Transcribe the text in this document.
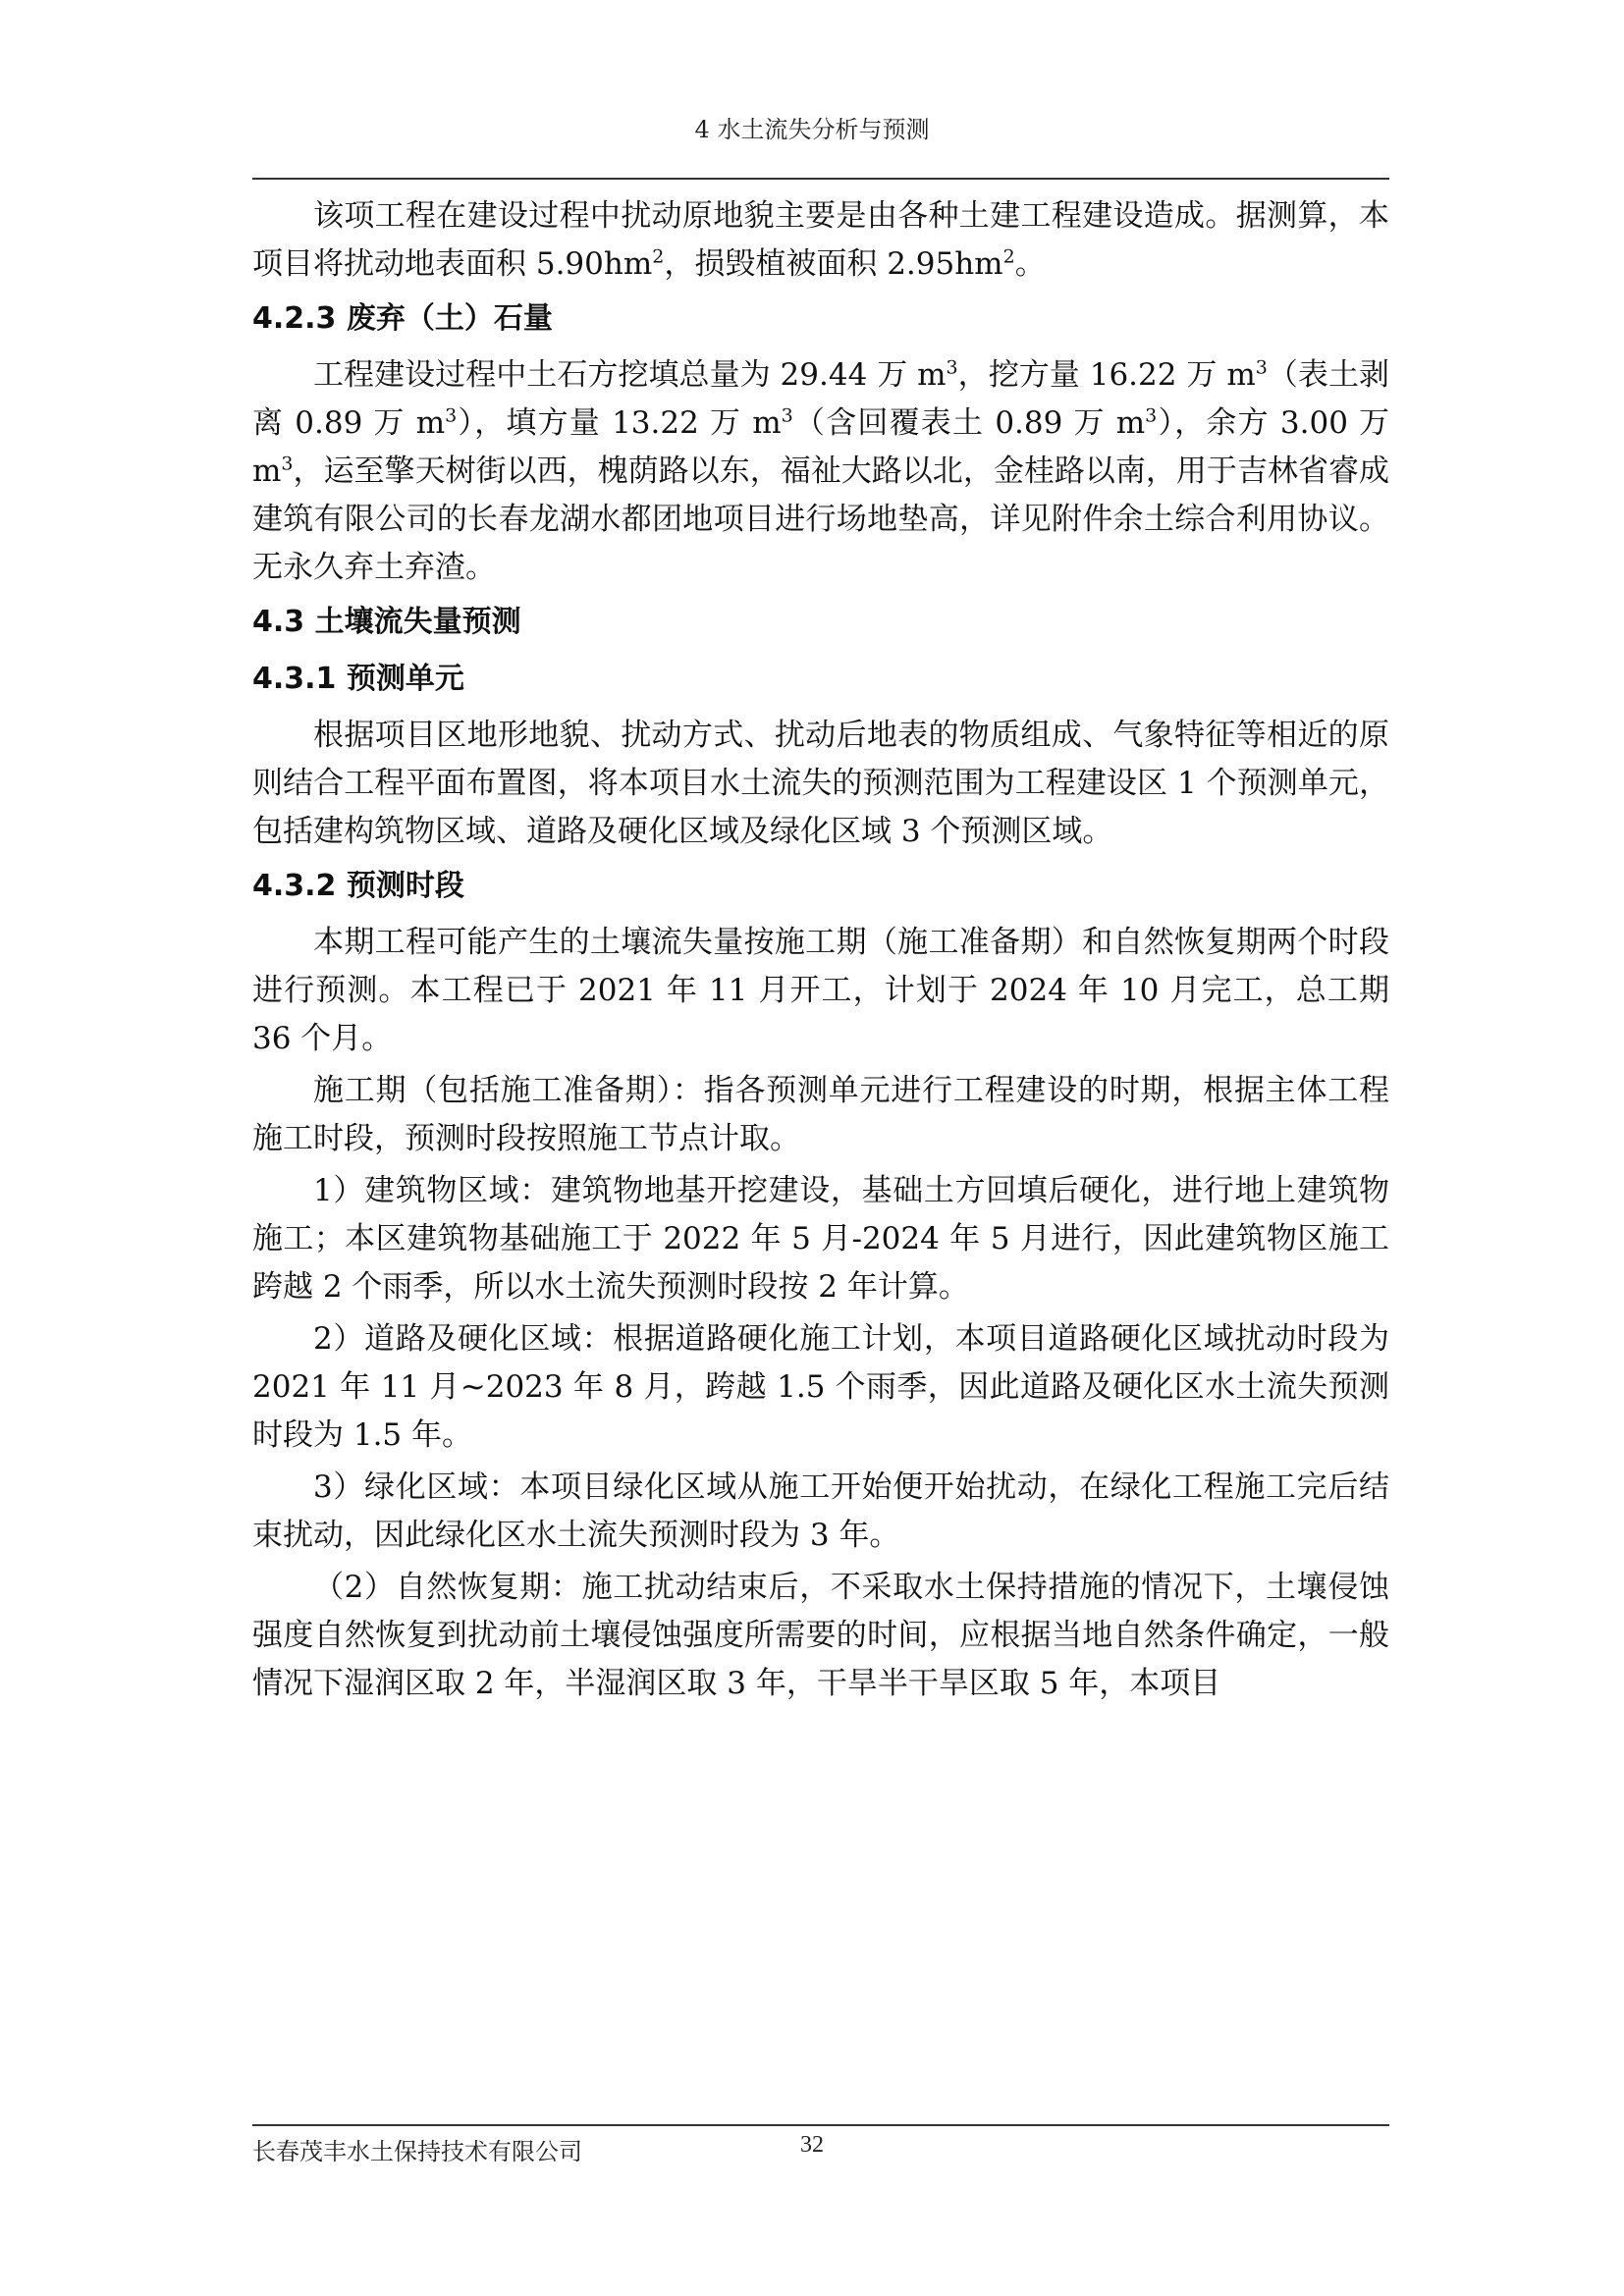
4 水土流失分析与预测

该项工程在建设过程中扰动原地貌主要是由各种土建工程建设造成。据测算，本项目将扰动地表面积 $5.90hm^2$，损毁植被面积 $2.95hm^2$。

4.2.3 废弃（土）石量

工程建设过程中土石方挖填总量为 29.44 万 $m^3$，挖方量 16.22 万 $m^3$（表土剥离 0.89 万 $m^3$），填方量 13.22 万 $m^3$（含回覆表土 0.89 万 $m^3$），余方 3.00 万 $m^3$，运至擎天树街以西，槐荫路以东，福祉大路以北，金桂路以南，用于吉林省睿成建筑有限公司的长春龙湖水都团地项目进行场地垫高，详见附件余土综合利用协议。无永久弃土弃渣。

4.3 土壤流失量预测
4.3.1 预测单元

根据项目区地形地貌、扰动方式、扰动后地表的物质组成、气象特征等相近的原则结合工程平面布置图，将本项目水土流失的预测范围为工程建设区 1 个预测单元，包括建构筑物区域、道路及硬化区域及绿化区域 3 个预测区域。

4.3.2 预测时段

本期工程可能产生的土壤流失量按施工期（施工准备期）和自然恢复期两个时段进行预测。本工程已于 2021 年 11 月开工，计划于 2024 年 10 月完工，总工期 36 个月。

施工期（包括施工准备期）：指各预测单元进行工程建设的时期，根据主体工程施工时段，预测时段按照施工节点计取。

1）建筑物区域：建筑物地基开挖建设，基础土方回填后硬化，进行地上建筑物施工；本区建筑物基础施工于 2022 年 5 月-2024 年 5 月进行，因此建筑物区施工跨越 2 个雨季，所以水土流失预测时段按 2 年计算。

2）道路及硬化区域：根据道路硬化施工计划，本项目道路硬化区域扰动时段为 2021 年 11 月~2023 年 8 月，跨越 1.5 个雨季，因此道路及硬化区水土流失预测时段为 1.5 年。

3）绿化区域：本项目绿化区域从施工开始便开始扰动，在绿化工程施工完后结束扰动，因此绿化区水土流失预测时段为 3 年。

（2）自然恢复期：施工扰动结束后，不采取水土保持措施的情况下，土壤侵蚀强度自然恢复到扰动前土壤侵蚀强度所需要的时间，应根据当地自然条件确定，一般情况下湿润区取 2 年，半湿润区取 3 年，干旱半干旱区取 5 年，本项目

长春茂丰水土保持技术有限公司	32
